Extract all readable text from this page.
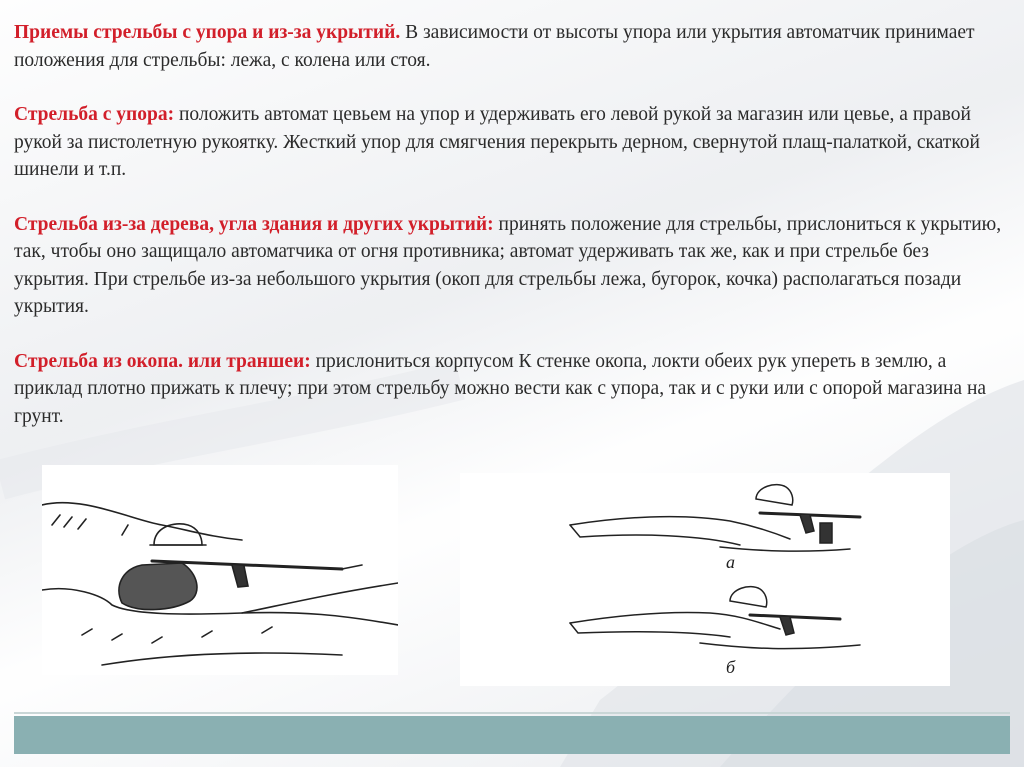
Приемы стрельбы с упора и из-за укрытий. В зависимости от высоты упора или укрытия автоматчик принимает положения для стрельбы: лежа, с колена или стоя.

Стрельба с упора: положить автомат цевьем на упор и удерживать его левой рукой за магазин или цевье, а правой рукой за пистолетную рукоятку. Жесткий упор для смягчения перекрыть дерном, свернутой плащ-палаткой, скаткой шинели и т.п.

Стрельба из-за дерева, угла здания и других укрытий: принять положение для стрельбы, прислониться к укрытию, так, чтобы оно защищало автоматчика от огня противника; автомат удерживать так же, как и при стрельбе без укрытия. При стрельбе из-за небольшого укрытия (окоп для стрельбы лежа, бугорок, кочка) располагаться позади укрытия.

Стрельба из окопа. или траншеи: прислониться корпусом К стенке окопа, локти обеих рук упереть в землю, а приклад плотно прижать к плечу; при этом стрельбу можно вести как с упора, так и с руки или с опорой магазина на грунт.

а
б
